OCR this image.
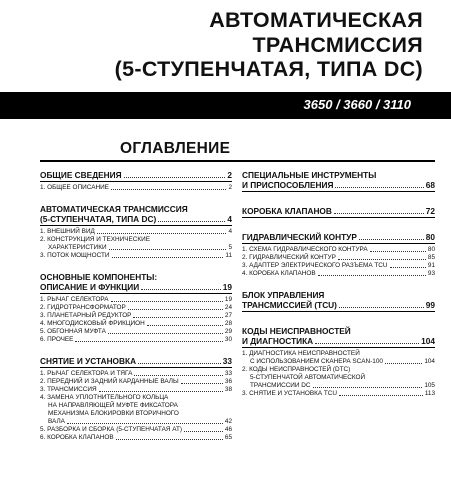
АВТОМАТИЧЕСКАЯ
ТРАНСМИССИЯ
(5-СТУПЕНЧАТАЯ, ТИПА DC)
3650 / 3660 / 3110
ОГЛАВЛЕНИЕ
ОБЩИЕ СВЕДЕНИЯ	2
1. ОБЩЕЕ ОПИСАНИЕ	2
АВТОМАТИЧЕСКАЯ ТРАНСМИССИЯ
(5-СТУПЕНЧАТАЯ, ТИПА DC)	4
1. ВНЕШНИЙ ВИД	4
2. КОНСТРУКЦИЯ И ТЕХНИЧЕСКИЕ
ХАРАКТЕРИСТИКИ	5
3. ПОТОК МОЩНОСТИ	11
ОСНОВНЫЕ КОМПОНЕНТЫ:
ОПИСАНИЕ И ФУНКЦИИ	19
1. РЫЧАГ СЕЛЕКТОРА	19
2. ГИДРОТРАНСФОРМАТОР	24
3. ПЛАНЕТАРНЫЙ РЕДУКТОР	27
4. МНОГОДИСКОВЫЙ ФРИКЦИОН	28
5. ОБГОННАЯ МУФТА	29
6. ПРОЧЕЕ	30
СНЯТИЕ И УСТАНОВКА	33
1. РЫЧАГ СЕЛЕКТОРА И ТЯГА	33
2. ПЕРЕДНИЙ И ЗАДНИЙ КАРДАННЫЕ ВАЛЫ	36
3. ТРАНСМИССИЯ	38
4. ЗАМЕНА УПЛОТНИТЕЛЬНОГО КОЛЬЦА
НА НАПРАВЛЯЮЩЕЙ МУФТЕ ФИКСАТОРА
МЕХАНИЗМА БЛОКИРОВКИ ВТОРИЧНОГО
ВАЛА	42
5. РАЗБОРКА И СБОРКА (5-СТУПЕНЧАТАЯ AT)	46
6. КОРОБКА КЛАПАНОВ	65
СПЕЦИАЛЬНЫЕ ИНСТРУМЕНТЫ
И ПРИСПОСОБЛЕНИЯ	68
КОРОБКА КЛАПАНОВ	72
ГИДРАВЛИЧЕСКИЙ КОНТУР	80
1. СХЕМА ГИДРАВЛИЧЕСКОГО КОНТУРА	80
2. ГИДРАВЛИЧЕСКИЙ КОНТУР	85
3. АДАПТЕР ЭЛЕКТРИЧЕСКОГО РАЗЪЕМА TCU	91
4. КОРОБКА КЛАПАНОВ	93
БЛОК УПРАВЛЕНИЯ
ТРАНСМИССИЕЙ (TCU)	99
КОДЫ НЕИСПРАВНОСТЕЙ
И ДИАГНОСТИКА	104
1. ДИАГНОСТИКА НЕИСПРАВНОСТЕЙ
С ИСПОЛЬЗОВАНИЕМ СКАНЕРА SCAN-100	104
2. КОДЫ НЕИСПРАВНОСТЕЙ (DTC)
5-СТУПЕНЧАТОЙ АВТОМАТИЧЕСКОЙ
ТРАНСМИССИИ DC	105
3. СНЯТИЕ И УСТАНОВКА TCU	113
